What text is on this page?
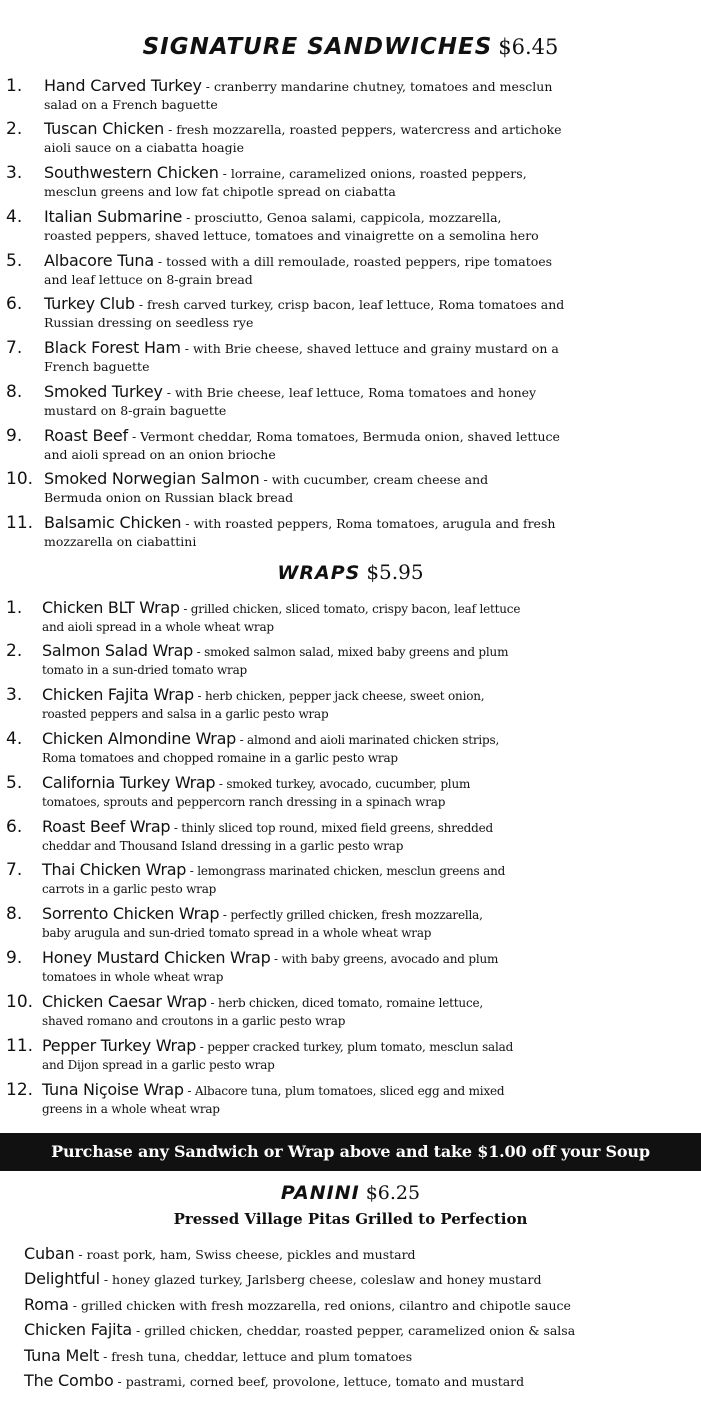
SIGNATURE SANDWICHES $6.45
1. Hand Carved Turkey - cranberry mandarine chutney, tomatoes and mesclun
salad on a French baguette
2. Tuscan Chicken - fresh mozzarella, roasted peppers, watercress and artichoke
aioli sauce on a ciabatta hoagie
3. Southwestern Chicken - lorraine, caramelized onions, roasted peppers,
mesclun greens and low fat chipotle spread on ciabatta
4. Italian Submarine - prosciutto, Genoa salami, cappicola, mozzarella,
roasted peppers, shaved lettuce, tomatoes and vinaigrette on a semolina hero
5. Albacore Tuna - tossed with a dill remoulade, roasted peppers, ripe tomatoes
and leaf lettuce on 8-grain bread
6. Turkey Club - fresh carved turkey, crisp bacon, leaf lettuce, Roma tomatoes and
Russian dressing on seedless rye
7. Black Forest Ham - with Brie cheese, shaved lettuce and grainy mustard on a
French baguette
8. Smoked Turkey - with Brie cheese, leaf lettuce, Roma tomatoes and honey
mustard on 8-grain baguette
9. Roast Beef - Vermont cheddar, Roma tomatoes, Bermuda onion, shaved lettuce
and aioli spread on an onion brioche
10. Smoked Norwegian Salmon - with cucumber, cream cheese and
Bermuda onion on Russian black bread
11. Balsamic Chicken - with roasted peppers, Roma tomatoes, arugula and fresh
mozzarella on ciabattini
WRAPS $5.95
1. Chicken BLT Wrap - grilled chicken, sliced tomato, crispy bacon, leaf lettuce
and aioli spread in a whole wheat wrap
2. Salmon Salad Wrap - smoked salmon salad, mixed baby greens and plum
tomato in a sun-dried tomato wrap
3. Chicken Fajita Wrap - herb chicken, pepper jack cheese, sweet onion,
roasted peppers and salsa in a garlic pesto wrap
4. Chicken Almondine Wrap - almond and aioli marinated chicken strips,
Roma tomatoes and chopped romaine in a garlic pesto wrap
5. California Turkey Wrap - smoked turkey, avocado, cucumber, plum
tomatoes, sprouts and peppercorn ranch dressing in a spinach wrap
6. Roast Beef Wrap - thinly sliced top round, mixed field greens, shredded
cheddar and Thousand Island dressing in a garlic pesto wrap
7. Thai Chicken Wrap - lemongrass marinated chicken, mesclun greens and
carrots in a garlic pesto wrap
8. Sorrento Chicken Wrap - perfectly grilled chicken, fresh mozzarella,
baby arugula and sun-dried tomato spread in a whole wheat wrap
9. Honey Mustard Chicken Wrap - with baby greens, avocado and plum
tomatoes in whole wheat wrap
10. Chicken Caesar Wrap - herb chicken, diced tomato, romaine lettuce,
shaved romano and croutons in a garlic pesto wrap
11. Pepper Turkey Wrap - pepper cracked turkey, plum tomato, mesclun salad
and Dijon spread in a garlic pesto wrap
12. Tuna Niçoise Wrap - Albacore tuna, plum tomatoes, sliced egg and mixed
greens in a whole wheat wrap
Purchase any Sandwich or Wrap above and take $1.00 off your Soup
PANINI $6.25
Pressed Village Pitas Grilled to Perfection
Cuban - roast pork, ham, Swiss cheese, pickles and mustard
Delightful - honey glazed turkey, Jarlsberg cheese, coleslaw and honey mustard
Roma - grilled chicken with fresh mozzarella, red onions, cilantro and chipotle sauce
Chicken Fajita - grilled chicken, cheddar, roasted pepper, caramelized onion & salsa
Tuna Melt - fresh tuna, cheddar, lettuce and plum tomatoes
The Combo - pastrami, corned beef, provolone, lettuce, tomato and mustard
